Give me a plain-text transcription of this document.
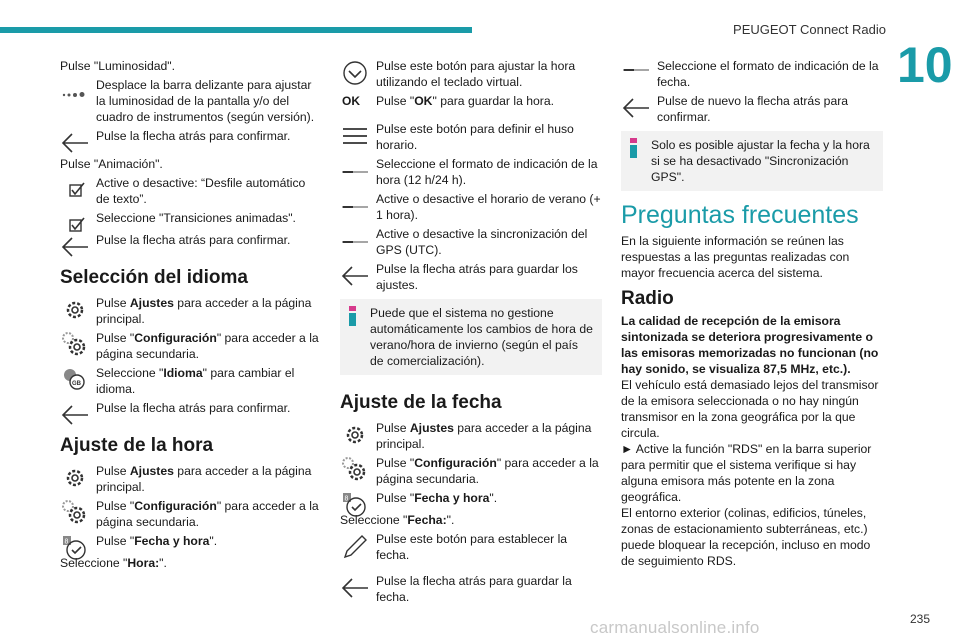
PEUGEOT Connect Radio
10

Pulse "Luminosidad".

Desplace la barra delizante para ajustar la luminosidad de la pantalla y/o del cuadro de instrumentos (según versión).
Pulse la flecha atrás para confirmar.

Pulse "Animación".

Active o desactive: “Desfile automático de texto”.
Seleccione "Transiciones animadas".
Pulse la flecha atrás para confirmar.
Selección del idioma
Pulse Ajustes para acceder a la página principal.
Pulse "Configuración" para acceder a la página secundaria.
GB
Seleccione "Idioma" para cambiar el idioma.
Pulse la flecha atrás para confirmar.
Ajuste de la hora
Pulse Ajustes para acceder a la página principal.
Pulse "Configuración" para acceder a la página secundaria.
8 Pulse "Fecha y hora".

Seleccione "Hora:".

Pulse este botón para ajustar la hora utilizando el teclado virtual.
OK Pulse "OK" para guardar la hora.
Pulse este botón para definir el huso horario.
Seleccione el formato de indicación de la hora (12 h/24 h).
Active o desactive el horario de verano (+ 1 hora).
Active o desactive la sincronización del GPS (UTC).
Pulse la flecha atrás para guardar los ajustes.
Puede que el sistema no gestione automáticamente los cambios de hora de verano/hora de invierno (según el país de comercialización).
Ajuste de la fecha
Pulse Ajustes para acceder a la página principal.
Pulse "Configuración" para acceder a la página secundaria.
8 Pulse "Fecha y hora".

Seleccione "Fecha:".

Pulse este botón para establecer la fecha.
Pulse la flecha atrás para guardar la fecha.
Seleccione el formato de indicación de la fecha.
Pulse de nuevo la flecha atrás para confirmar.
Solo es posible ajustar la fecha y la hora si se ha desactivado "Sincronización GPS".
Preguntas frecuentes

En la siguiente información se reúnen las respuestas a las preguntas realizadas con mayor frecuencia acerca del sistema.

Radio

La calidad de recepción de la emisora sintonizada se deteriora progresivamente o las emisoras memorizadas no funcionan (no hay sonido, se visualiza 87,5 MHz, etc.).

El vehículo está demasiado lejos del transmisor de la emisora seleccionada o no hay ningún transmisor en la zona geográfica por la que circula.

► Active la función "RDS" en la barra superior para permitir que el sistema verifique si hay alguna emisora más potente en la zona geográfica.

El entorno exterior (colinas, edificios, túneles, zonas de estacionamiento subterráneas, etc.) puede bloquear la recepción, incluso en modo de seguimiento RDS.

235
carmanualsonline.info
